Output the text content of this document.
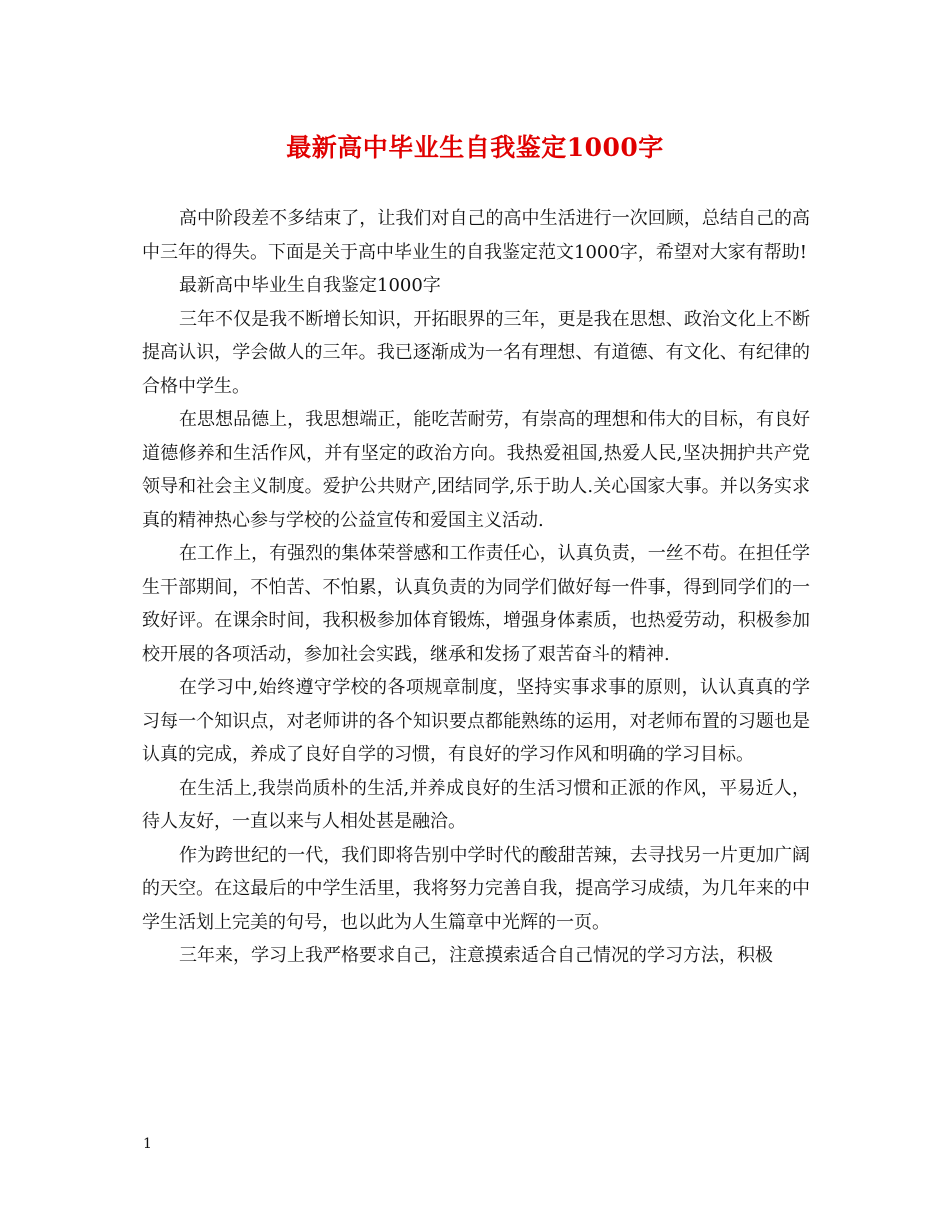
最新高中毕业生自我鉴定1000字

高中阶段差不多结束了，让我们对自己的高中生活进行一次回顾，总结自己的高中三年的得失。下面是关于高中毕业生的自我鉴定范文1000字，希望对大家有帮助!

最新高中毕业生自我鉴定1000字

三年不仅是我不断增长知识，开拓眼界的三年，更是我在思想、政治文化上不断提高认识，学会做人的三年。我已逐渐成为一名有理想、有道德、有文化、有纪律的合格中学生。

在思想品德上，我思想端正，能吃苦耐劳，有崇高的理想和伟大的目标，有良好道德修养和生活作风，并有坚定的政治方向。我热爱祖国,热爱人民,坚决拥护共产党领导和社会主义制度。爱护公共财产,团结同学,乐于助人.关心国家大事。并以务实求真的精神热心参与学校的公益宣传和爱国主义活动.

在工作上，有强烈的集体荣誉感和工作责任心，认真负责，一丝不苟。在担任学生干部期间，不怕苦、不怕累，认真负责的为同学们做好每一件事，得到同学们的一致好评。在课余时间，我积极参加体育锻炼，增强身体素质，也热爱劳动，积极参加校开展的各项活动，参加社会实践，继承和发扬了艰苦奋斗的精神.

在学习中,始终遵守学校的各项规章制度，坚持实事求事的原则，认认真真的学习每一个知识点，对老师讲的各个知识要点都能熟练的运用，对老师布置的习题也是认真的完成，养成了良好自学的习惯，有良好的学习作风和明确的学习目标。

在生活上,我崇尚质朴的生活,并养成良好的生活习惯和正派的作风，平易近人，待人友好，一直以来与人相处甚是融洽。

作为跨世纪的一代，我们即将告别中学时代的酸甜苦辣，去寻找另一片更加广阔的天空。在这最后的中学生活里，我将努力完善自我，提高学习成绩，为几年来的中学生活划上完美的句号，也以此为人生篇章中光辉的一页。

三年来，学习上我严格要求自己，注意摸索适合自己情况的学习方法，积极

1
